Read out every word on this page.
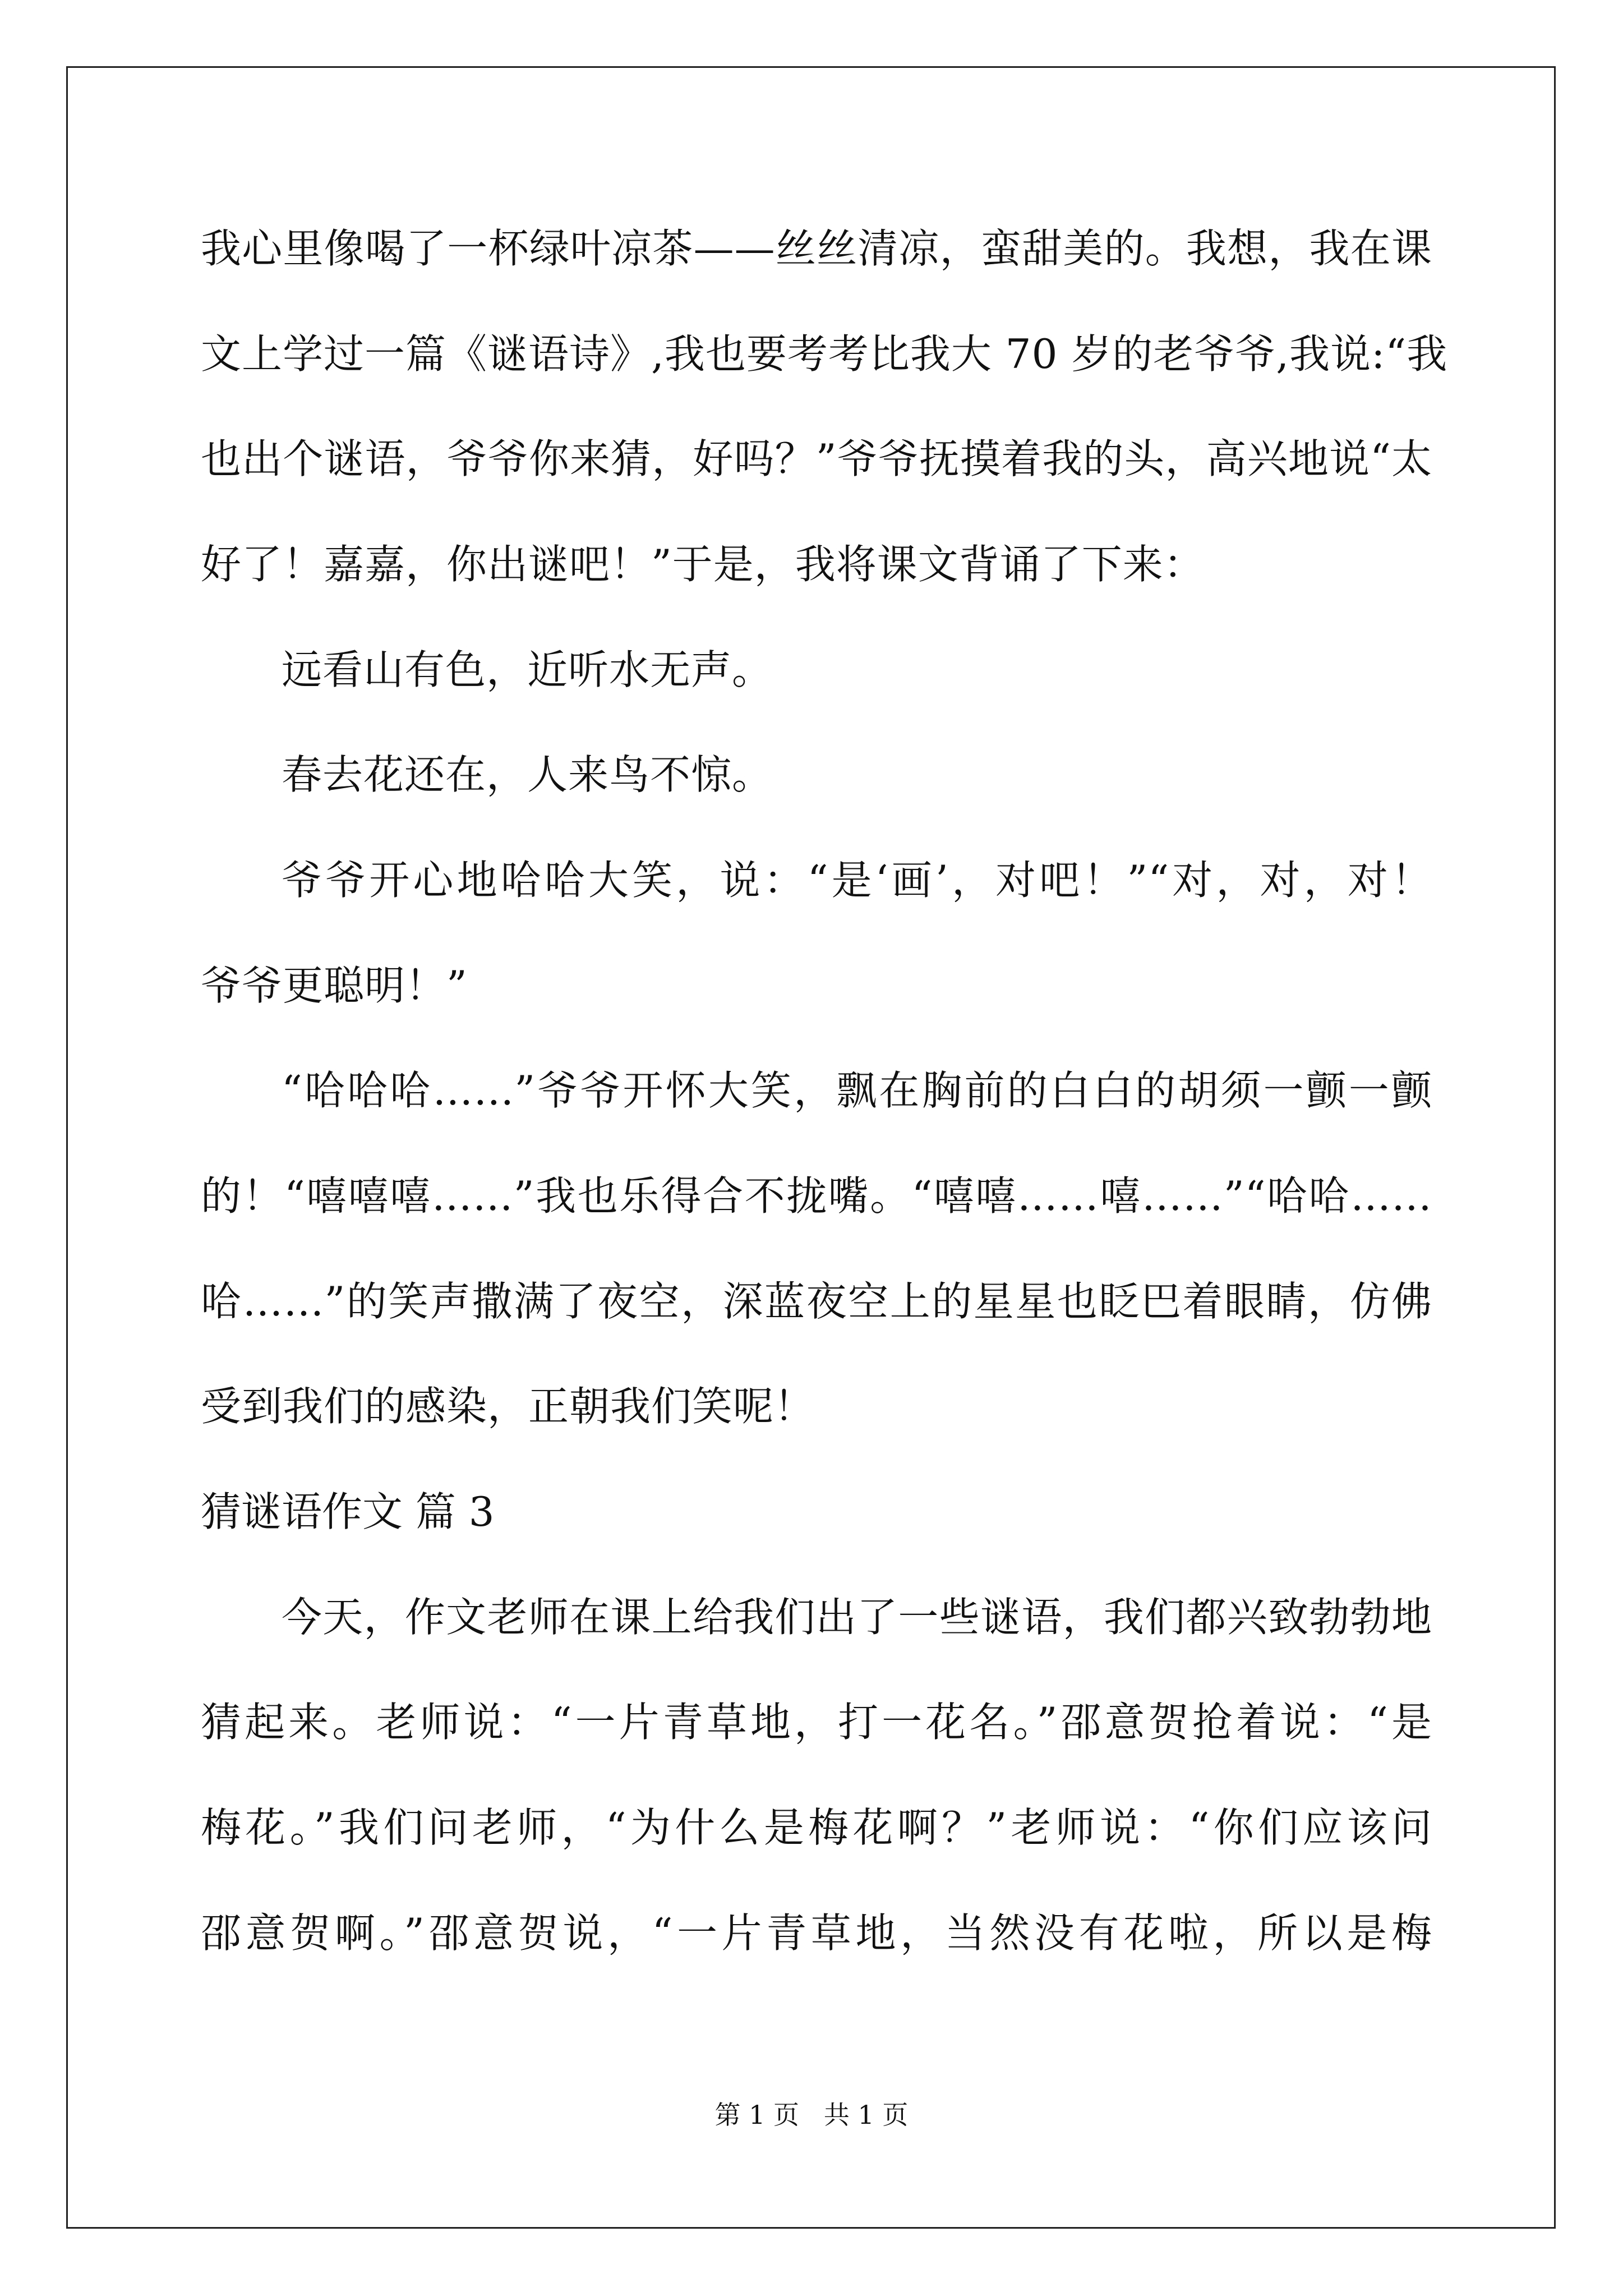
我心里像喝了一杯绿叶凉茶——丝丝清凉，蛮甜美的。我想，我在课
文上学过一篇《谜语诗》,我也要考考比我大 70 岁的老爷爷,我说:“我
也出个谜语，爷爷你来猜，好吗？”爷爷抚摸着我的头，高兴地说“太
好了！嘉嘉，你出谜吧！”于是，我将课文背诵了下来：
远看山有色，近听水无声。
春去花还在，人来鸟不惊。
爷爷开心地哈哈大笑，说：“是‘画’，对吧！”“对，对，对！
爷爷更聪明！”
“哈哈哈……”爷爷开怀大笑，飘在胸前的白白的胡须一颤一颤
的！“嘻嘻嘻……”我也乐得合不拢嘴。“嘻嘻……嘻……”“哈哈……
哈……”的笑声撒满了夜空，深蓝夜空上的星星也眨巴着眼睛，仿佛
受到我们的感染，正朝我们笑呢！
猜谜语作文 篇 3
今天，作文老师在课上给我们出了一些谜语，我们都兴致勃勃地
猜起来。老师说：“一片青草地，打一花名。”邵意贺抢着说：“是
梅花。”我们问老师，“为什么是梅花啊？”老师说：“你们应该问
邵意贺啊。”邵意贺说，“一片青草地，当然没有花啦，所以是梅
第 1 页   共 1 页
